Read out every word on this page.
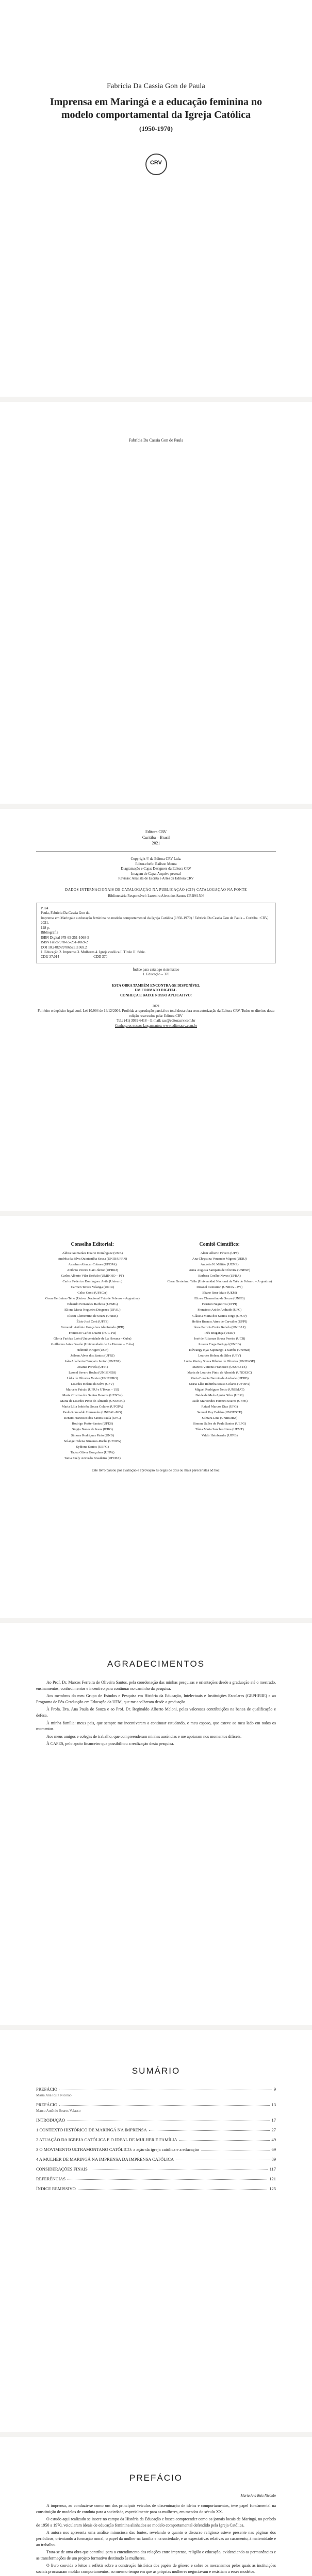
Fabrícia Da Cassia Gon de Paula
Imprensa em Maringá e a educação feminina no modelo comportamental da Igreja Católica
(1950-1970)
CRV
Fabrícia Da Cassia Gon de Paula
Editora CRV
Curitiba – Brasil
2021
Copyright © da Editora CRV Ltda.
Editor-chefe: Railson Moura
Diagramação e Capa: Designers da Editora CRV
Imagem de Capa: Arquivo pessoal
Revisão: Analista de Escrita e Artes da Editora CRV
DADOS INTERNACIONAIS DE CATALOGAÇÃO NA PUBLICAÇÃO (CIP) CATALOGAÇÃO NA FONTE
Bibliotecária Responsável: Luzenira Alves dos Santos CRB9/1506
P324
Paula, Fabrícia Da Cassia Gon de.
Imprensa em Maringá e a educação feminina no modelo comportamental da Igreja Católica (1950-1970) / Fabrícia Da Cassia Gon de Paula – Curitiba : CRV, 2021.
128 p.
Bibliografia
ISBN Digital 978-65-251-1068-5
ISBN Físico 978-65-251-1069-2
DOI 10.24824/978652511069.2
1. Educação 2. Imprensa 3. Mulheres 4. Igreja católica I. Título II. Série.
CDU 37.014                                      CDD 370
Índice para catálogo sistemático
1. Educação – 370
ESTA OBRA TAMBÉM ENCONTRA-SE DISPONÍVEL
EM FORMATO DIGITAL.
CONHEÇA E BAIXE NOSSO APLICATIVO!
2021
Foi feito o depósito legal conf. Lei 10.994 de 14/12/2004. Proibida a reprodução parcial ou total desta obra sem autorização da Editora CRV. Todos os direitos desta edição reservados pela: Editora CRV
Tel.: (41) 3039-6418 – E-mail: sac@editoracrv.com.br
Conheça os nossos lançamentos: www.editoracrv.com.br
Conselho Editorial:
Aldira Guimarães Duarte Domínguez (UNB)
Andréia da Silva Quintanilha Sousa (UNIR/UFRN)
Anselmo Alencar Colares (UFOPA)
Antônio Pereira Gaio Júnior (UFRRJ)
Carlos Alberto Vilar Estêvão (UMINHO – PT)
Carlos Federico Dominguez Avila (Unieuro)
Carmen Tereza Velanga (UNIR)
Celso Conti (UFSCar)
Cesar Gerónimo Tello (Univer .Nacional Três de Febrero – Argentina)
Eduardo Fernandes Barbosa (UFMG)
Elione Maria Nogueira Diogenes (UFAL)
Elizeu Clementino de Souza (UNEB)
Élsio José Corá (UFFS)
Fernando Antônio Gonçalves Alcoforado (IPB)
Francisco Carlos Duarte (PUC-PR)
Gloria Fariñas León (Universidade de La Havana – Cuba)
Guillermo Arias Beatón (Universidade de La Havana – Cuba)
Helmuth Krüger (UCP)
Jailson Alves dos Santos (UFRJ)
João Adalberto Campato Junior (UNESP)
Josania Portela (UFPI)
Leonel Severo Rocha (UNISINOS)
Lídia de Oliveira Xavier (UNIEURO)
Lourdes Helena da Silva (UFV)
Marcelo Paixão (UFRJ e UTexas – US)
Maria Cristina dos Santos Bezerra (UFSCar)
Maria de Lourdes Pinto de Almeida (UNOESC)
Maria Lília Imbiriba Sousa Colares (UFOPA)
Paulo Romualdo Hernandes (UNIFAL-MG)
Renato Francisco dos Santos Paula (UFG)
Rodrigo Pratte-Santos (UFES)
Sérgio Nunes de Jesus (IFRO)
Simone Rodrigues Pinto (UNB)
Solange Helena Ximenes-Rocha (UFOPA)
Sydione Santos (UEPG)
Tadeu Oliver Gonçalves (UFPA)
Tania Suely Azevedo Brasileiro (UFOPA)
Comitê Científico:
Altair Alberto Fávero (UPF)
Ana Chrystina Venancio Mignot (UERJ)
Andréia N. Militão (UEMS)
Anna Augusta Sampaio de Oliveira (UNESP)
Barbara Coelho Neves (UFBA)
Cesar Gerónimo Tello (Universidad Nacional de Três de Febrero – Argentina)
Diosnel Centurion (UNIDA – PY)
Eliane Rose Maio (UEM)
Elizeu Clementino de Souza (UNEB)
Fauston Negreiros (UFPI)
Francisco Ari de Andrade (UFC)
Gláucia Maria dos Santos Jorge (UFOP)
Helder Buenos Aires de Carvalho (UFPI)
Ilona Patricia Freire Rebelo (UNIFAP)
Inês Bragança (UERJ)
José de Ribamar Sousa Pereira (UCB)
Jussara Fraga Portugal (UNEB)
Kilwangy Kya Kapitango-a-Samba (Unemat)
Lourdes Helena da Silva (UFV)
Lucia Marisy Souza Ribeiro de Oliveira (UNIVASF)
Marcos Vinicius Francisco (UNOESTE)
Maria de Lourdes Pinto de Almeida (UNOESC)
Maria Eurácia Barreto de Andrade (UFRB)
Maria Lília Imbiriba Sousa Colares (UFOPA)
Míguel Rodrigues Netto (UNEMAT)
Neide de Melo Aguiar Silva (UEM)
Paulo Marcondes Ferreira Soares (UFPE)
Rafael Marcos Dias (UFG)
Samuel Ruy Baldan (UNOESTE)
Silmara Lina (UNIRDBZ)
Simone Salles de Paula Santos (UEPG)
Tânia Maria Sanches Lima (UFMT)
Valdir Heinbernhe (UFPB)
Este livro passou por avaliação e aprovação às cegas de dois ou mais pareceristas ad hoc.
AGRADECIMENTOS

Ao Prof. Dr. Marcos Ferreira de Oliveira Santos, pela coordenação das minhas pesquisas e orientações desde a graduação até o mestrado, ensinamentos, conhecimentos e incentivo para continuar no caminho da pesquisa.

Aos membros do meu Grupo de Estudos e Pesquisa em História da Educação, Intelectuais e Instituições Escolares (GEPHEIIE) e ao Programa de Pós-Graduação em Educação da UEM, que me acolheram desde a graduação.

À Profa. Dra. Ana Paula de Souza e ao Prof. Dr. Reginaldo Alberto Meloni, pelas valorosas contribuições na banca de qualificação e defesa.

À minha família: meus pais, que sempre me incentivaram a continuar estudando, e meu esposo, que esteve ao meu lado em todos os momentos.

Aos meus amigos e colegas de trabalho, que compreenderam minhas ausências e me apoiaram nos momentos difíceis.

À CAPES, pelo apoio financeiro que possibilitou a realização desta pesquisa.

SUMÁRIO
PREFÁCIO	9
Maria Ana Ruiz Nicolão
PREFÁCIO	13
Marco Antônio Soares Velasco
INTRODUÇÃO	17
1 CONTEXTO HISTÓRICO DE MARINGÁ NA IMPRENSA	27
2 ATUAÇÃO DA IGREJA CATÓLICA E O IDEAL DE MULHER E FAMÍLIA	49
3 O MOVIMENTO ULTRAMONTANO CATÓLICO: a ação da igreja católica e a educação	69
4 A MULHER DE MARINGÁ NA IMPRENSA DA IMPRENSA CATÓLICA	89
CONSIDERAÇÕES FINAIS	117
REFERÊNCIAS	121
ÍNDICE REMISSIVO	125
PREFÁCIO
Maria Ana Ruiz Nicolão

A imprensa, ao conduzir-se como um dos principais veículos de disseminação de ideias e comportamentos, teve papel fundamental na constituição de modelos de conduta para a sociedade, especialmente para as mulheres, em meados do século XX.

O estudo aqui realizado se insere no campo da História da Educação e busca compreender como os jornais locais de Maringá, no período de 1950 a 1970, veicularam ideais de educação feminina alinhados ao modelo comportamental defendido pela Igreja Católica.

A autora nos apresenta uma análise minuciosa das fontes, revelando o quanto o discurso religioso esteve presente nas páginas dos periódicos, orientando a formação moral, o papel da mulher na família e na sociedade, e as expectativas relativas ao casamento, à maternidade e ao trabalho.

Trata-se de uma obra que contribui para o entendimento das relações entre imprensa, religião e educação, evidenciando as permanências e as transformações de um projeto formativo destinado às mulheres.

O livro convida o leitor a refletir sobre a construção histórica dos papéis de gênero e sobre os mecanismos pelos quais as instituições sociais procuraram moldar comportamentos, ao mesmo tempo em que as próprias mulheres negociavam e resistiam a esses modelos.
